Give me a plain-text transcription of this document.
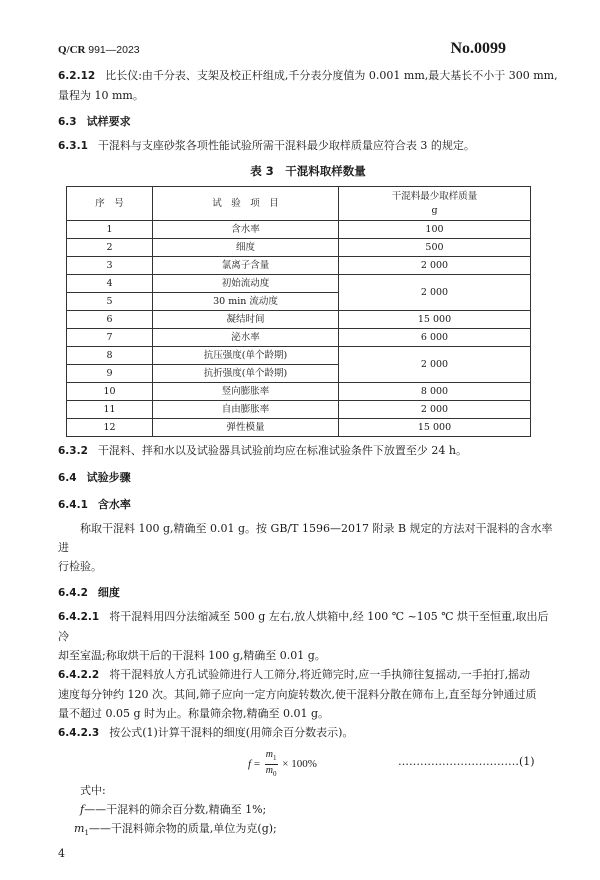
Q/CR 991—2023	No.0099
6.2.12 比长仪:由千分表、支架及校正杆组成,千分表分度值为 0.001 mm,最大基长不小于 300 mm,
量程为 10 mm。
6.3 试样要求
6.3.1 干混料与支座砂浆各项性能试验所需干混料最少取样质量应符合表 3 的规定。
表 3　干混料取样数量
序　号	试　验　项　目	干混料最少取样质量
g

1	含水率	100
2	细度	500
3	氯离子含量	2 000
4	初始流动度	2 000
5	30 min 流动度	
6	凝结时间	15 000
7	泌水率	6 000
8	抗压强度(单个龄期)	2 000
9	抗折强度(单个龄期)	
10	竖向膨胀率	8 000
11	自由膨胀率	2 000
12	弹性模量	15 000
6.3.2 干混料、拌和水以及试验器具试验前均应在标准试验条件下放置至少 24 h。
6.4 试验步骤
6.4.1 含水率
称取干混料 100 g,精确至 0.01 g。按 GB/T 1596—2017 附录 B 规定的方法对干混料的含水率进
行检验。
6.4.2 细度
6.4.2.1 将干混料用四分法缩减至 500 g 左右,放人烘箱中,经 100 ℃ ~105 ℃ 烘干至恒重,取出后冷
却至室温;称取烘干后的干混料 100 g,精确至 0.01 g。
6.4.2.2 将干混料放人方孔试验筛进行人工筛分,将近筛完时,应一手执筛往复摇动,一手拍打,摇动
速度每分钟约 120 次。其间,筛子应向一定方向旋转数次,使干混料分散在筛布上,直至每分钟通过质
量不超过 0.05 g 时为止。称量筛余物,精确至 0.01 g。
6.4.2.3 按公式(1)计算干混料的细度(用筛余百分数表示)。
$f = \frac{m_1}{m_0} \times 100\%$	……………………………(1)
式中:
f——干混料的筛余百分数,精确至 1%;
$m_1——$干混料筛余物的质量,单位为克(g);
4
